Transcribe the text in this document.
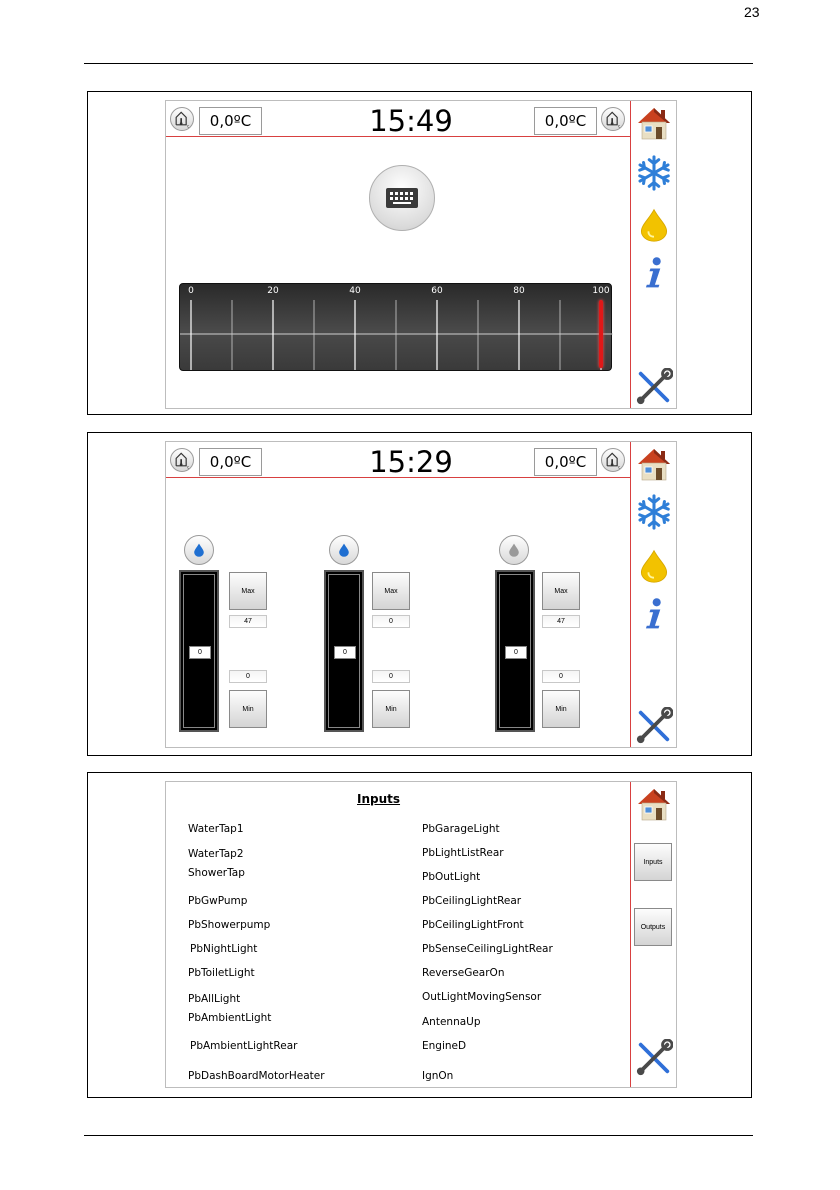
23
0,0ºC	15:49	0,0ºC
0	20	40	60	80	100
0,0ºC	15:29	0,0ºC
0
Max
47
0
Min
0
Max
0
0
Min
0
Max
47
0
Min
Inputs
WaterTap1
WaterTap2
ShowerTap
PbGwPump
PbShowerpump
PbNightLight
PbToiletLight
PbAllLight
PbAmbientLight
PbAmbientLightRear
PbDashBoardMotorHeater
PbGarageLight
PbLightListRear
PbOutLight
PbCeilingLightRear
PbCeilingLightFront
PbSenseCeilingLightRear
ReverseGearOn
OutLightMovingSensor
AntennaUp
EngineD
IgnOn
Inputs
Outputs
